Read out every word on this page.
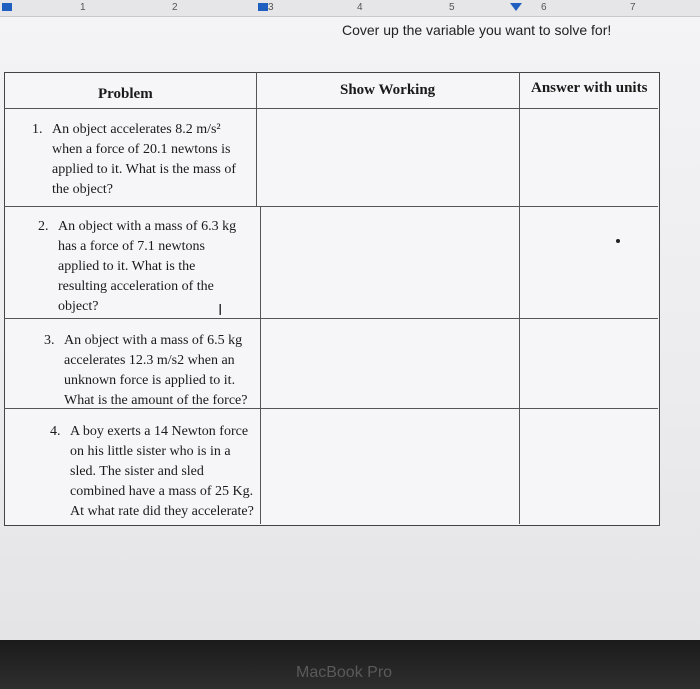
1	2	3	4	5	6	7
Cover up the variable you want to solve for!
Problem	Show Working	Answer with units
1. An object accelerates 8.2 m/s²
when a force of 20.1 newtons is
applied to it. What is the mass of
the object?
2. An object with a mass of 6.3 kg
has a force of 7.1 newtons
applied to it. What is the
resulting acceleration of the
object?	I
3. An object with a mass of 6.5 kg
accelerates 12.3 m/s2 when an
unknown force is applied to it.
What is the amount of the force?
4. A boy exerts a 14 Newton force
on his little sister who is in a
sled. The sister and sled
combined have a mass of 25 Kg.
At what rate did they accelerate?
MacBook Pro
